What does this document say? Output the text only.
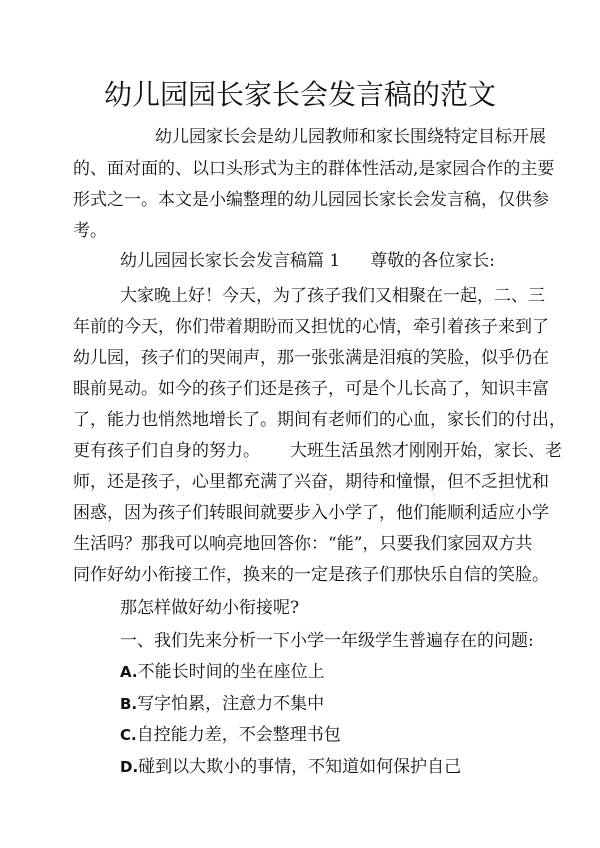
幼儿园园长家长会发言稿的范文

幼儿园家长会是幼儿园教师和家长围绕特定目标开展

的、面对面的、以口头形式为主的群体性活动,是家园合作的主要

形式之一。本文是小编整理的幼儿园园长家长会发言稿，仅供参

考。

幼儿园园长家长会发言稿篇 1 尊敬的各位家长:

大家晚上好！今天，为了孩子我们又相聚在一起，二、三

年前的今天，你们带着期盼而又担忧的心情，牵引着孩子来到了

幼儿园，孩子们的哭闹声，那一张张满是泪痕的笑脸，似乎仍在

眼前晃动。如今的孩子们还是孩子，可是个儿长高了，知识丰富

了，能力也悄然地增长了。期间有老师们的心血，家长们的付出，

更有孩子们自身的努力。 大班生活虽然才刚刚开始，家长、老

师，还是孩子，心里都充满了兴奋，期待和憧憬，但不乏担忧和

困惑，因为孩子们转眼间就要步入小学了，他们能顺利适应小学

生活吗？那我可以响亮地回答你：“能”，只要我们家园双方共

同作好幼小衔接工作，换来的一定是孩子们那快乐自信的笑脸。

那怎样做好幼小衔接呢?

一、我们先来分析一下小学一年级学生普遍存在的问题:

A.不能长时间的坐在座位上

B.写字怕累，注意力不集中

C.自控能力差，不会整理书包

D.碰到以大欺小的事情，不知道如何保护自己
